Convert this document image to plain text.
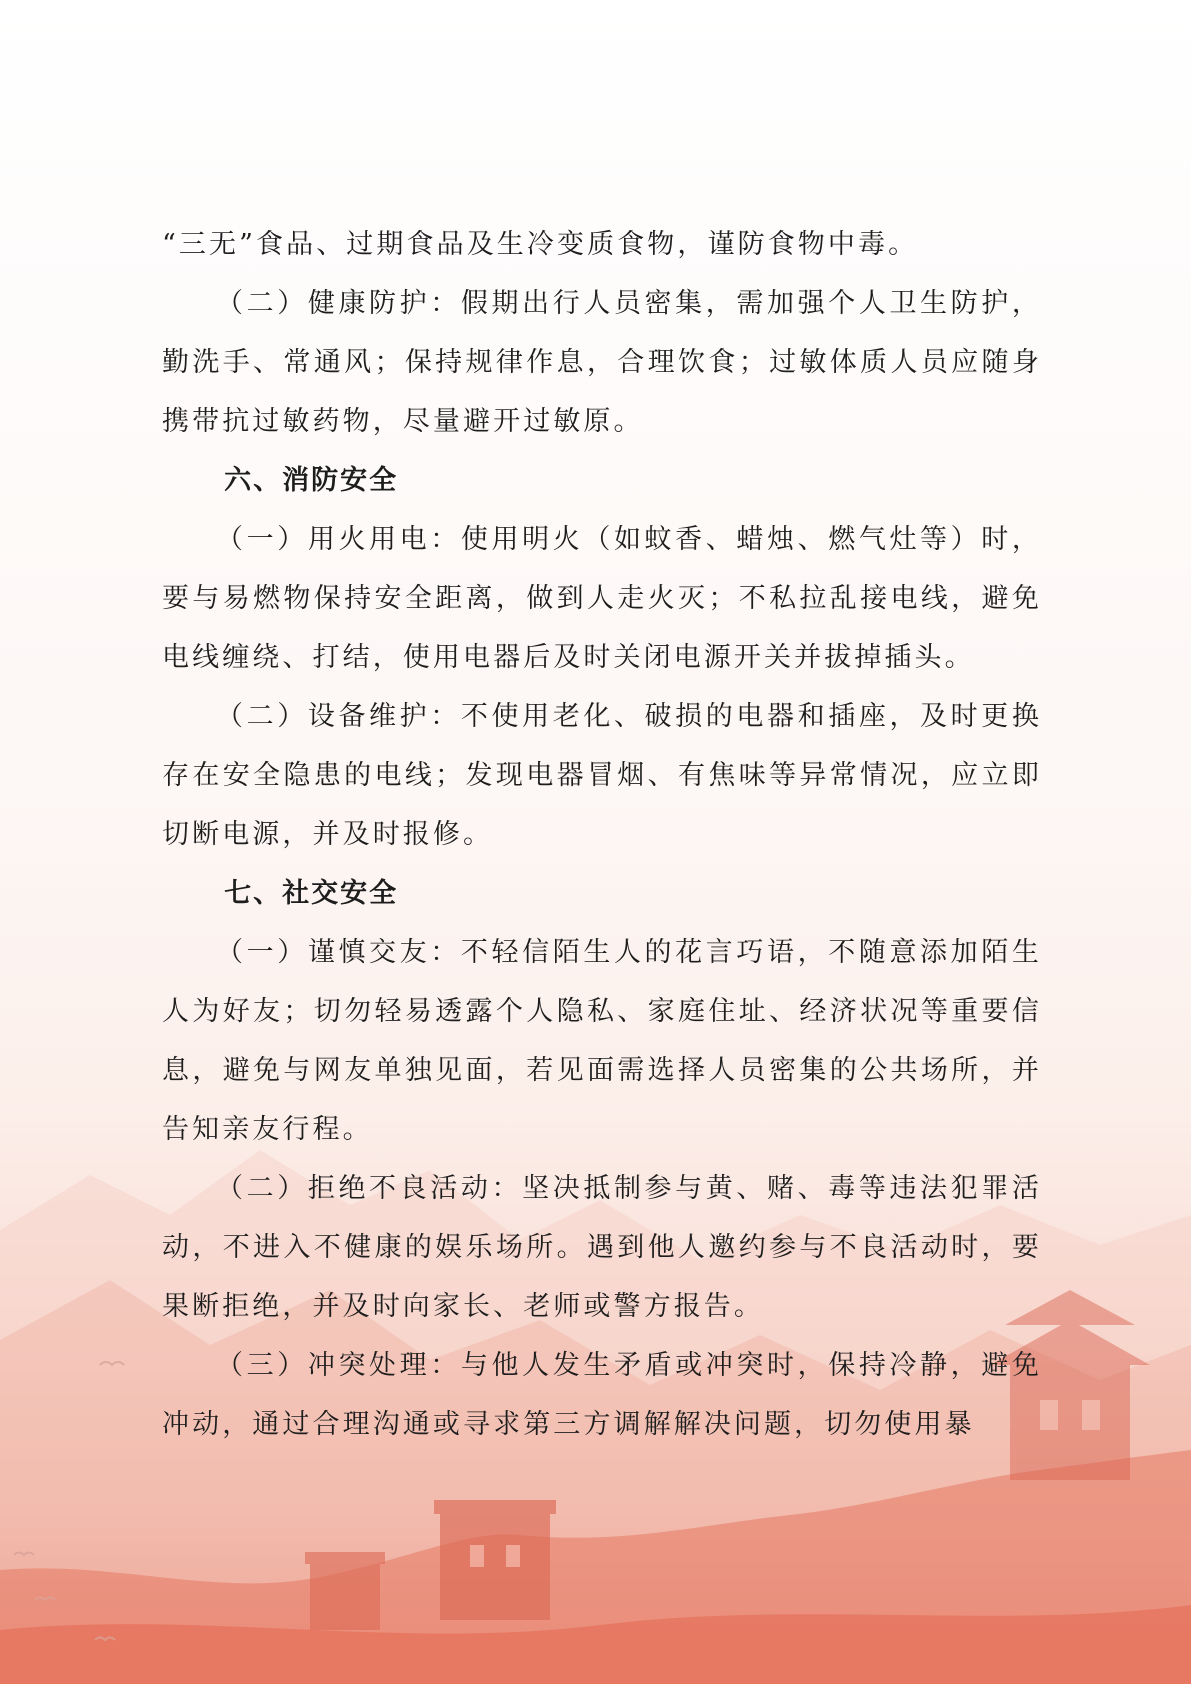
“三无”食品、过期食品及生冷变质食物，谨防食物中毒。

（二）健康防护：假期出行人员密集，需加强个人卫生防护，勤洗手、常通风；保持规律作息，合理饮食；过敏体质人员应随身携带抗过敏药物，尽量避开过敏原。

六、消防安全

（一）用火用电：使用明火（如蚊香、蜡烛、燃气灶等）时，要与易燃物保持安全距离，做到人走火灭；不私拉乱接电线，避免电线缠绕、打结，使用电器后及时关闭电源开关并拔掉插头。

（二）设备维护：不使用老化、破损的电器和插座，及时更换存在安全隐患的电线；发现电器冒烟、有焦味等异常情况，应立即切断电源，并及时报修。

七、社交安全

（一）谨慎交友：不轻信陌生人的花言巧语，不随意添加陌生人为好友；切勿轻易透露个人隐私、家庭住址、经济状况等重要信息，避免与网友单独见面，若见面需选择人员密集的公共场所，并告知亲友行程。

（二）拒绝不良活动：坚决抵制参与黄、赌、毒等违法犯罪活动，不进入不健康的娱乐场所。遇到他人邀约参与不良活动时，要果断拒绝，并及时向家长、老师或警方报告。

（三）冲突处理：与他人发生矛盾或冲突时，保持冷静，避免冲动，通过合理沟通或寻求第三方调解解决问题，切勿使用暴
